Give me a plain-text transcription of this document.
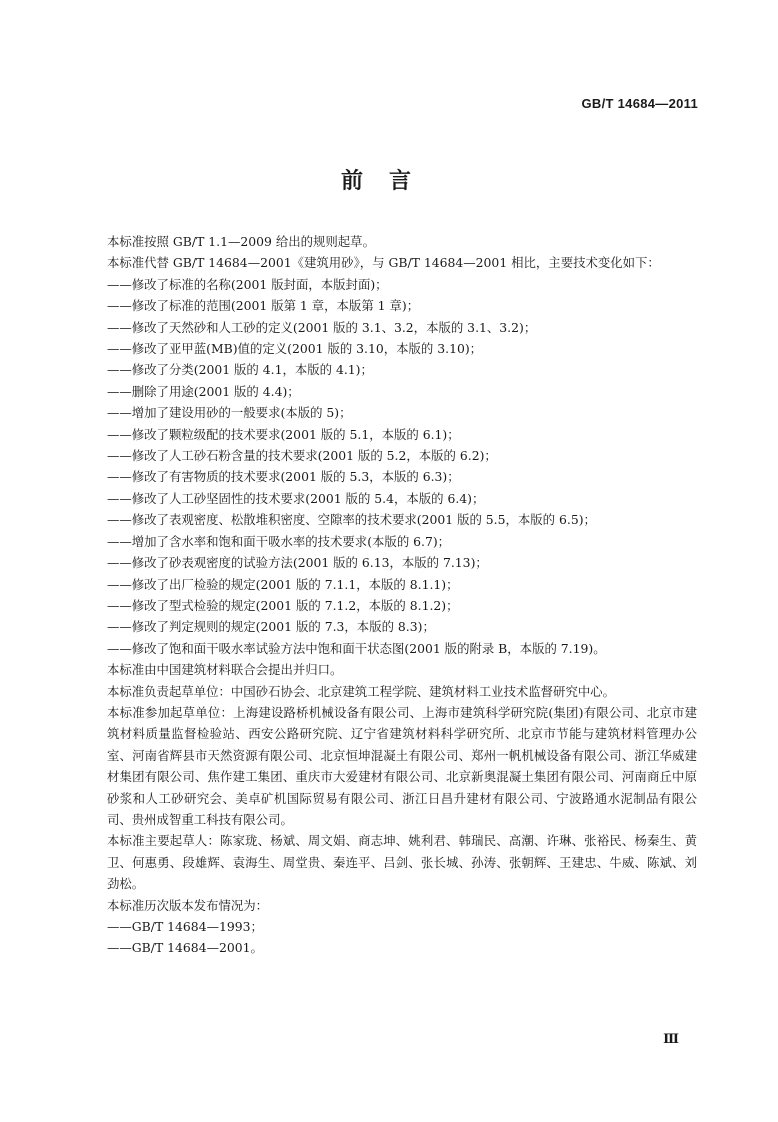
GB/T 14684—2011
前言

本标准按照 GB/T 1.1—2009 给出的规则起草。

本标准代替 GB/T 14684—2001《建筑用砂》，与 GB/T 14684—2001 相比，主要技术变化如下：

——修改了标准的名称(2001 版封面，本版封面)；

——修改了标准的范围(2001 版第 1 章，本版第 1 章)；

——修改了天然砂和人工砂的定义(2001 版的 3.1、3.2，本版的 3.1、3.2)；

——修改了亚甲蓝(MB)值的定义(2001 版的 3.10，本版的 3.10)；

——修改了分类(2001 版的 4.1，本版的 4.1)；

——删除了用途(2001 版的 4.4)；

——增加了建设用砂的一般要求(本版的 5)；

——修改了颗粒级配的技术要求(2001 版的 5.1，本版的 6.1)；

——修改了人工砂石粉含量的技术要求(2001 版的 5.2，本版的 6.2)；

——修改了有害物质的技术要求(2001 版的 5.3，本版的 6.3)；

——修改了人工砂坚固性的技术要求(2001 版的 5.4，本版的 6.4)；

——修改了表观密度、松散堆积密度、空隙率的技术要求(2001 版的 5.5，本版的 6.5)；

——增加了含水率和饱和面干吸水率的技术要求(本版的 6.7)；

——修改了砂表观密度的试验方法(2001 版的 6.13，本版的 7.13)；

——修改了出厂检验的规定(2001 版的 7.1.1，本版的 8.1.1)；

——修改了型式检验的规定(2001 版的 7.1.2，本版的 8.1.2)；

——修改了判定规则的规定(2001 版的 7.3，本版的 8.3)；

——修改了饱和面干吸水率试验方法中饱和面干状态图(2001 版的附录 B，本版的 7.19)。

本标准由中国建筑材料联合会提出并归口。

本标准负责起草单位：中国砂石协会、北京建筑工程学院、建筑材料工业技术监督研究中心。

本标准参加起草单位：上海建设路桥机械设备有限公司、上海市建筑科学研究院(集团)有限公司、北京市建筑材料质量监督检验站、西安公路研究院、辽宁省建筑材料科学研究所、北京市节能与建筑材料管理办公室、河南省辉县市天然资源有限公司、北京恒坤混凝土有限公司、郑州一帆机械设备有限公司、浙江华威建材集团有限公司、焦作建工集团、重庆市大爱建材有限公司、北京新奥混凝土集团有限公司、河南商丘中原砂浆和人工砂研究会、美卓矿机国际贸易有限公司、浙江日昌升建材有限公司、宁波路通水泥制品有限公司、贵州成智重工科技有限公司。

本标准主要起草人：陈家珑、杨斌、周文娟、商志坤、姚利君、韩瑞民、高潮、许琳、张裕民、杨秦生、黄卫、何惠勇、段雄辉、袁海生、周堂贵、秦连平、吕剑、张长城、孙涛、张朝辉、王建忠、牛威、陈斌、刘劲松。

本标准历次版本发布情况为：

——GB/T 14684—1993；

——GB/T 14684—2001。

Ⅲ
